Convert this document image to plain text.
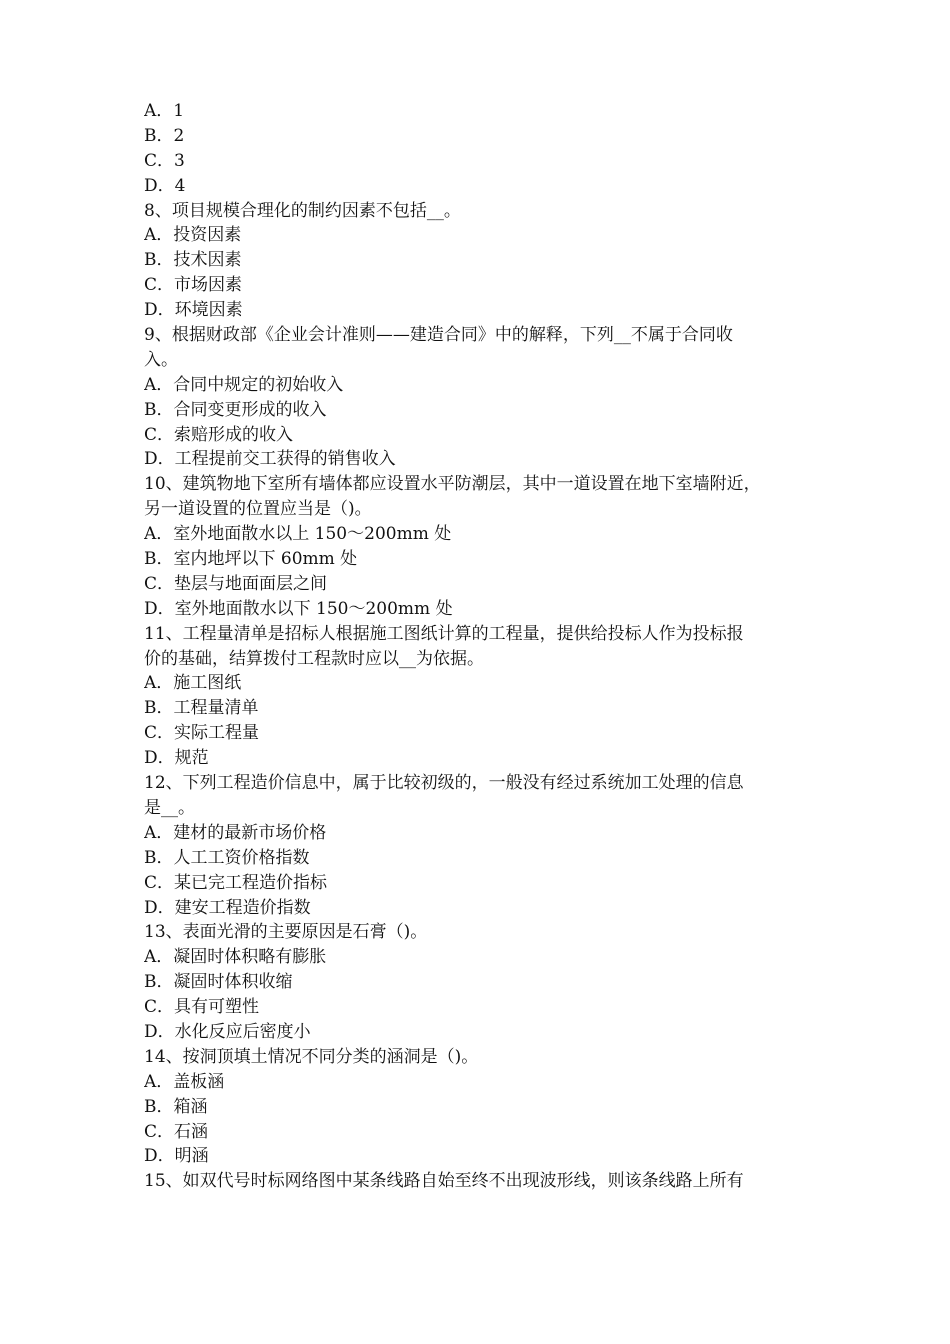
A．1
B．2
C．3
D．4
8、项目规模合理化的制约因素不包括__。
A．投资因素
B．技术因素
C．市场因素
D．环境因素
9、根据财政部《企业会计准则——建造合同》中的解释，下列__不属于合同收
入。
A．合同中规定的初始收入
B．合同变更形成的收入
C．索赔形成的收入
D．工程提前交工获得的销售收入
10、建筑物地下室所有墙体都应设置水平防潮层，其中一道设置在地下室墙附近，
另一道设置的位置应当是（)。
A．室外地面散水以上 150～200mm 处
B．室内地坪以下 60mm 处
C．垫层与地面面层之间
D．室外地面散水以下 150～200mm 处
11、工程量清单是招标人根据施工图纸计算的工程量，提供给投标人作为投标报
价的基础，结算拨付工程款时应以__为依据。
A．施工图纸
B．工程量清单
C．实际工程量
D．规范
12、下列工程造价信息中，属于比较初级的，一般没有经过系统加工处理的信息
是__。
A．建材的最新市场价格
B．人工工资价格指数
C．某已完工程造价指标
D．建安工程造价指数
13、表面光滑的主要原因是石膏（)。
A．凝固时体积略有膨胀
B．凝固时体积收缩
C．具有可塑性
D．水化反应后密度小
14、按洞顶填土情况不同分类的涵洞是（)。
A．盖板涵
B．箱涵
C．石涵
D．明涵
15、如双代号时标网络图中某条线路自始至终不出现波形线，则该条线路上所有
